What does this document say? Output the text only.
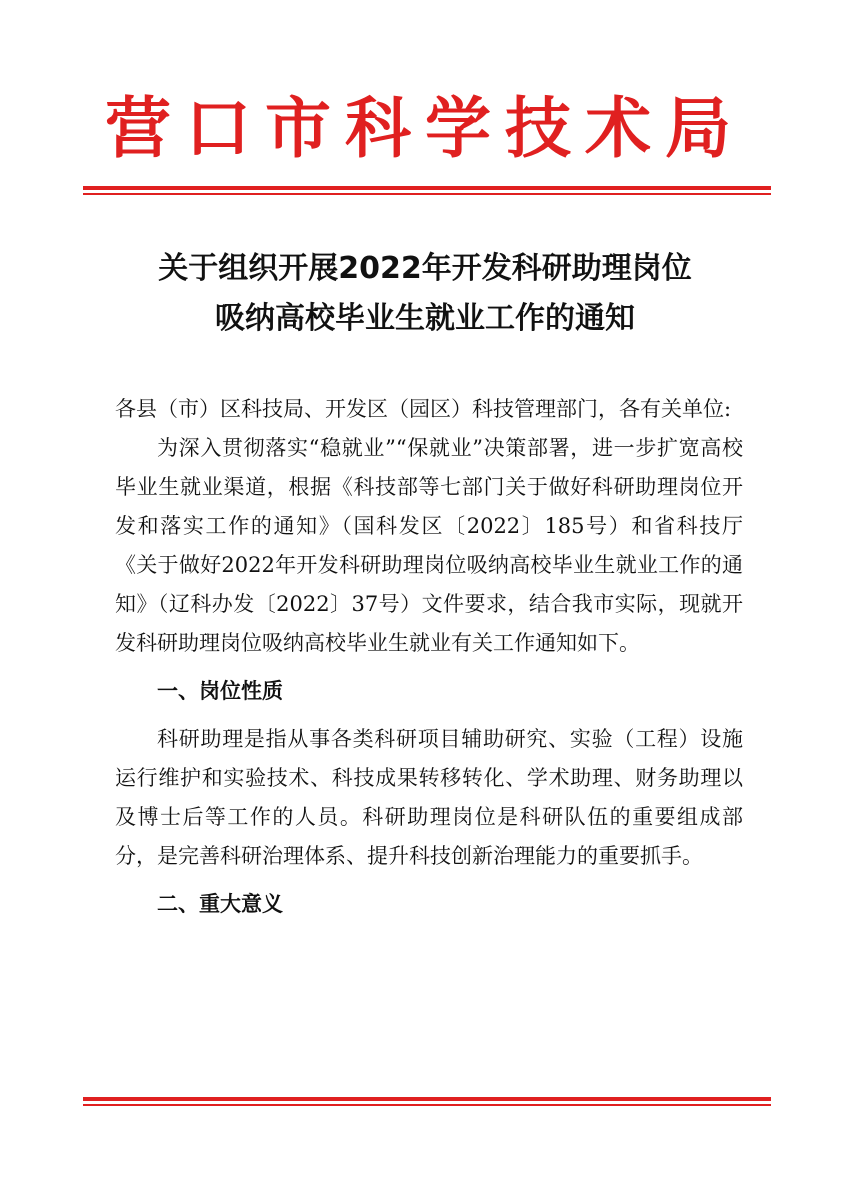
营口市科学技术局
关于组织开展2022年开发科研助理岗位
吸纳高校毕业生就业工作的通知

各县（市）区科技局、开发区（园区）科技管理部门，各有关单位:

为深入贯彻落实“稳就业”“保就业”决策部署，进一步扩宽高校毕业生就业渠道，根据《科技部等七部门关于做好科研助理岗位开发和落实工作的通知》（国科发区〔2022〕185号）和省科技厅《关于做好2022年开发科研助理岗位吸纳高校毕业生就业工作的通知》（辽科办发〔2022〕37号）文件要求，结合我市实际，现就开发科研助理岗位吸纳高校毕业生就业有关工作通知如下。

一、岗位性质

科研助理是指从事各类科研项目辅助研究、实验（工程）设施运行维护和实验技术、科技成果转移转化、学术助理、财务助理以及博士后等工作的人员。科研助理岗位是科研队伍的重要组成部分，是完善科研治理体系、提升科技创新治理能力的重要抓手。

二、重大意义
